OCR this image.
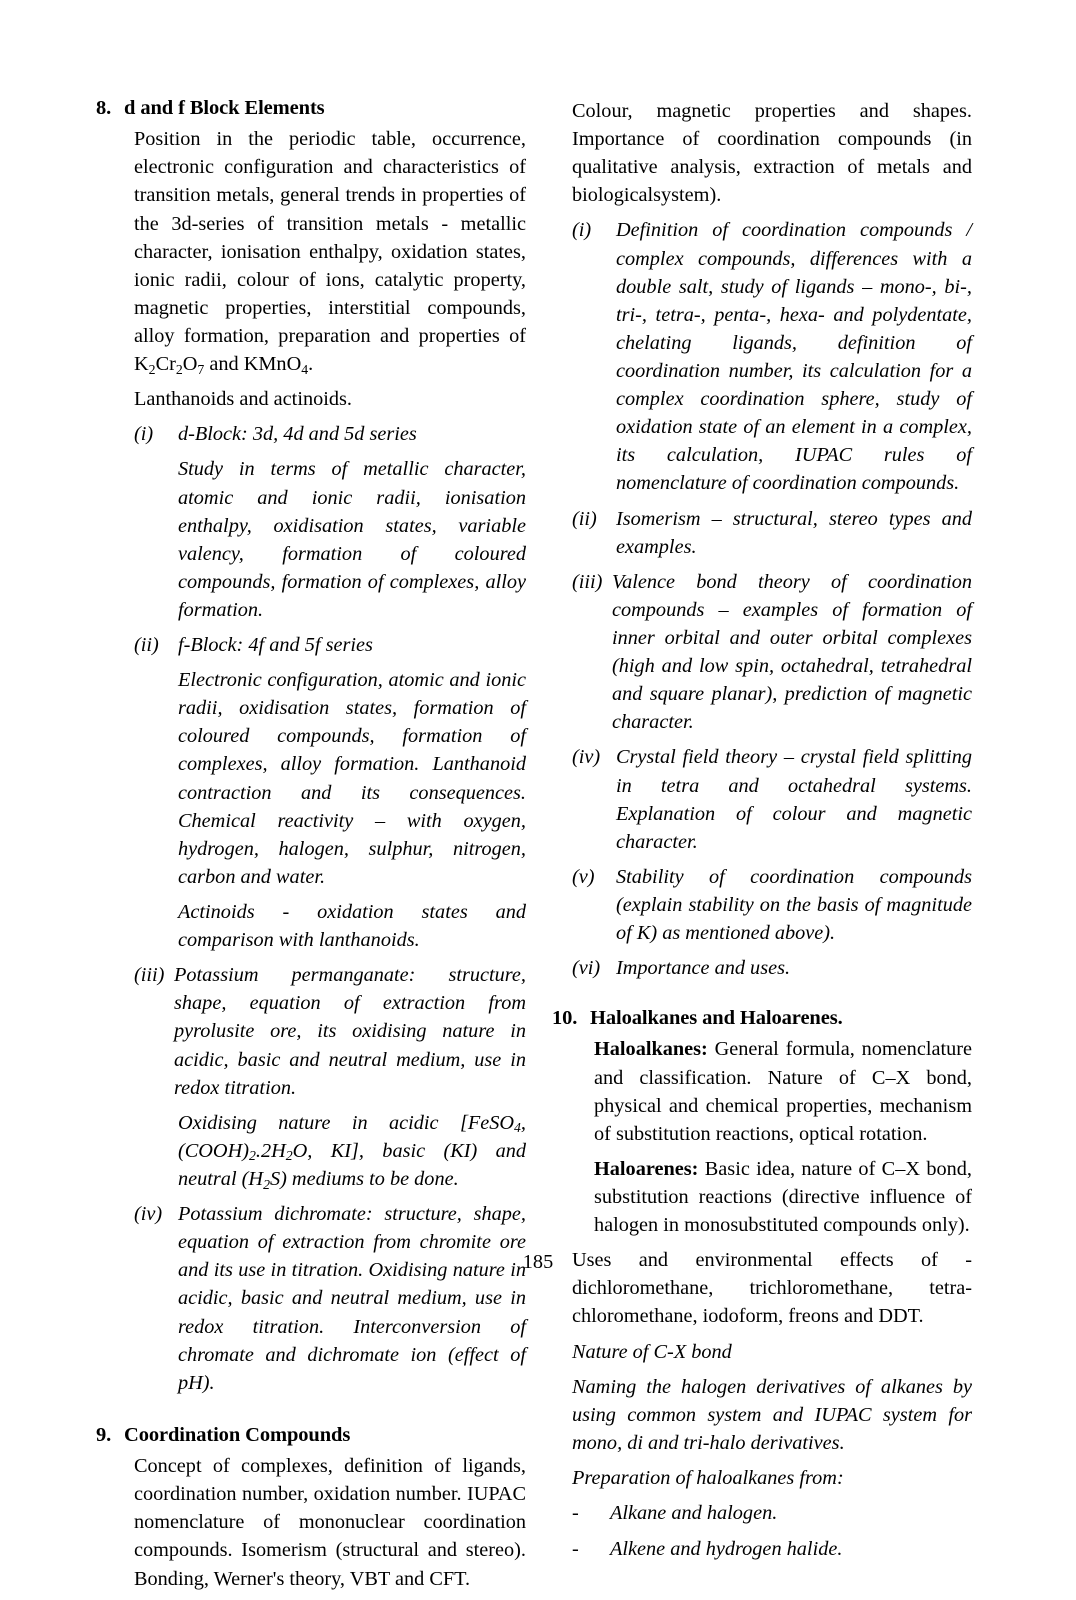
8. d and f Block Elements

Position in the periodic table, occurrence, electronic configuration and characteristics of transition metals, general trends in properties of the 3d-series of transition metals - metallic character, ionisation enthalpy, oxidation states, ionic radii, colour of ions, catalytic property, magnetic properties, interstitial compounds, alloy formation, preparation and properties of $K_2Cr_2O_7$ and KMnO$_4$.

Lanthanoids and actinoids.

(i)	d-Block: 3d, 4d and 5d series

Study in terms of metallic character, atomic and ionic radii, ionisation enthalpy, oxidisation states, variable valency, formation of coloured compounds, formation of complexes, alloy formation.

(ii) f-Block: 4f and 5f series

Electronic configuration, atomic and ionic radii, oxidisation states, formation of coloured compounds, formation of complexes, alloy formation. Lanthanoid contraction and its consequences. Chemical reactivity – with oxygen, hydrogen, halogen, sulphur, nitrogen, carbon and water.

Actinoids - oxidation states and comparison with lanthanoids.

(iii) Potassium permanganate: structure, shape, equation of extraction from pyrolusite ore, its oxidising nature in acidic, basic and neutral medium, use in redox titration.

Oxidising nature in acidic [FeSO$_4$, $(COOH)_2.2H_2O$, KI], basic (KI) and neutral $(H_2S)$ mediums to be done.

(iv) Potassium dichromate: structure, shape, equation of extraction from chromite ore and its use in titration. Oxidising nature in acidic, basic and neutral medium, use in redox titration. Interconversion of chromate and dichromate ion (effect of pH).
9. Coordination Compounds

Concept of complexes, definition of ligands, coordination number, oxidation number. IUPAC nomenclature of mononuclear coordination compounds. Isomerism (structural and stereo). Bonding, Werner's theory, VBT and CFT.

Colour, magnetic properties and shapes. Importance of coordination compounds (in qualitative analysis, extraction of metals and biologicalsystem).

(i)	Definition of coordination compounds / complex compounds, differences with a double salt, study of ligands – mono-, bi-, tri-, tetra-, penta-, hexa- and polydentate, chelating ligands, definition of coordination number, its calculation for a complex coordination sphere, study of oxidation state of an element in a complex, its calculation, IUPAC rules of nomenclature of coordination compounds.
(ii) Isomerism – structural, stereo types and examples.
(iii) Valence bond theory of coordination compounds – examples of formation of inner orbital and outer orbital complexes (high and low spin, octahedral, tetrahedral and square planar), prediction of magnetic character.
(iv) Crystal field theory – crystal field splitting in tetra and octahedral systems. Explanation of colour and magnetic character.
(v)	Stability of coordination compounds (explain stability on the basis of magnitude of K) as mentioned above).
(vi) Importance and uses.
10. Haloalkanes and Haloarenes.

Haloalkanes: General formula, nomenclature and classification. Nature of C–X bond, physical and chemical properties, mechanism of substitution reactions, optical rotation.

Haloarenes: Basic idea, nature of C–X bond, substitution reactions (directive influence of halogen in monosubstituted compounds only).

Uses and environmental effects of - dichloromethane, trichloromethane, tetra-chloromethane, iodoform, freons and DDT.

Nature of C-X bond

Naming the halogen derivatives of alkanes by using common system and IUPAC system for mono, di and tri-halo derivatives.

Preparation of haloalkanes from:

-	Alkane and halogen.
-	Alkene and hydrogen halide.
185
